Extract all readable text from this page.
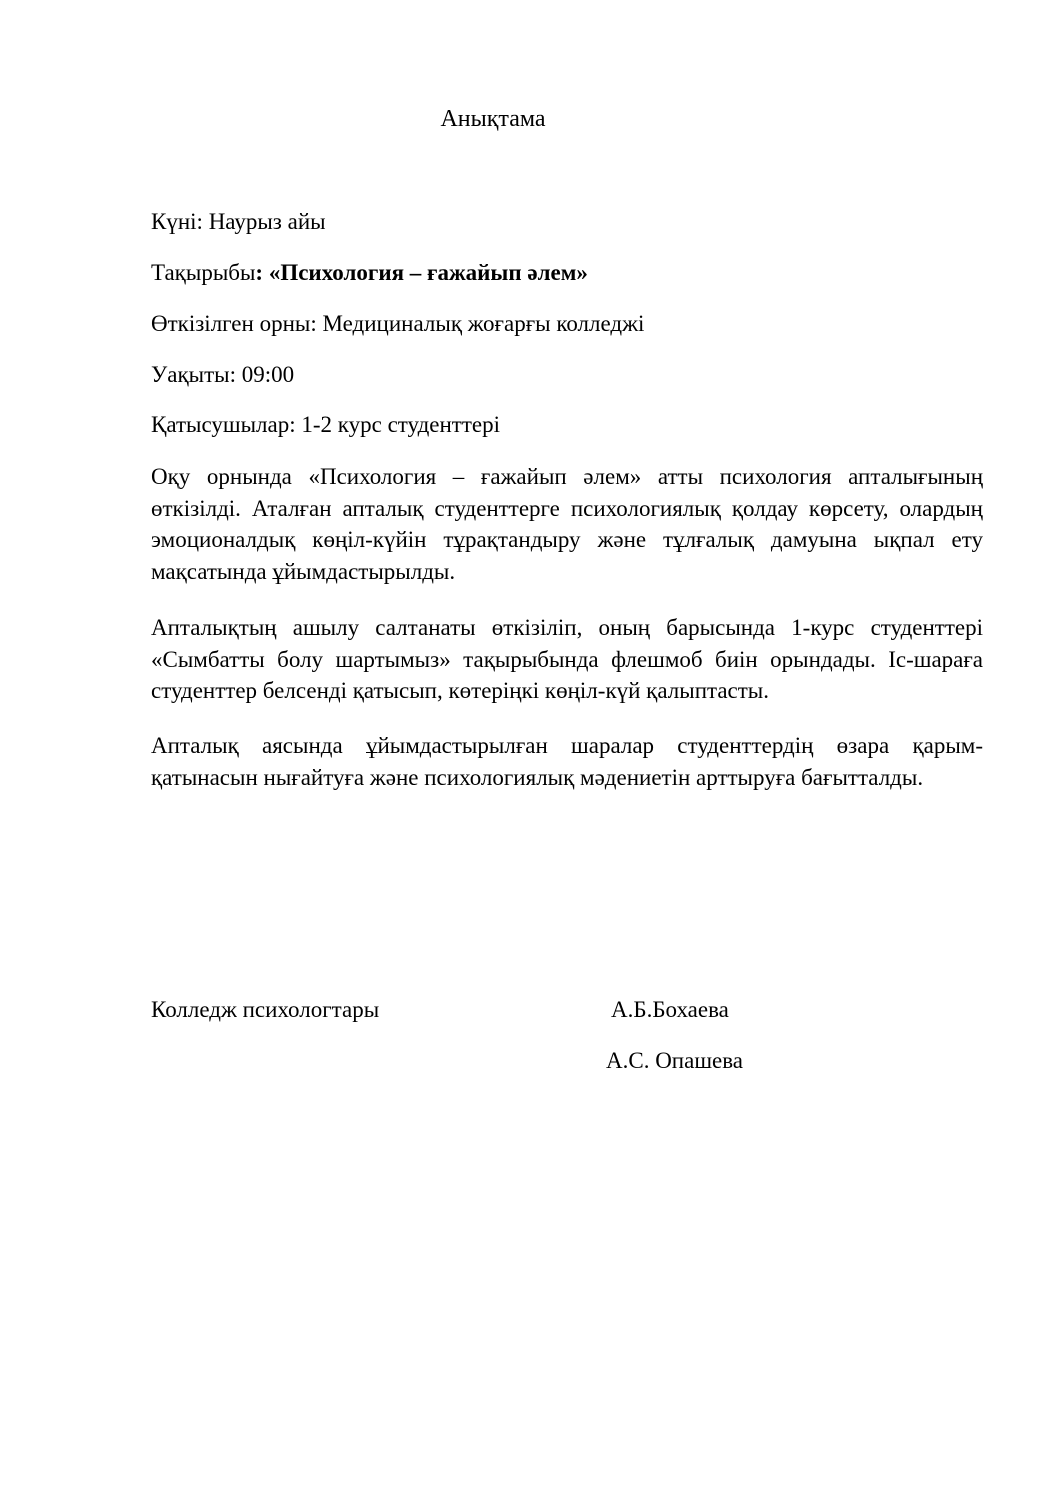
Анықтама
Күні: Наурыз айы
Тақырыбы: «Психология – ғажайып әлем»
Өткізілген орны: Медициналық жоғарғы колледжі
Уақыты: 09:00
Қатысушылар: 1-2 курс студенттері
Оқу орнында «Психология – ғажайып әлем» атты психология апталығының өткізілді. Аталған апталық студенттерге психологиялық қолдау көрсету, олардың эмоционалдық көңіл-күйін тұрақтандыру және тұлғалық дамуына ықпал ету мақсатында ұйымдастырылды.
Апталықтың ашылу салтанаты өткізіліп, оның барысында 1-курс студенттері «Сымбатты болу шартымыз» тақырыбында флешмоб биін орындады. Іс-шараға студенттер белсенді қатысып, көтеріңкі көңіл-күй қалыптасты.
Апталық аясында ұйымдастырылған шаралар студенттердің өзара қарым-қатынасын нығайтуға және психологиялық мәдениетін арттыруға бағытталды.
Колледж психологтары	А.Б.Бохаева
А.С. Опашева
